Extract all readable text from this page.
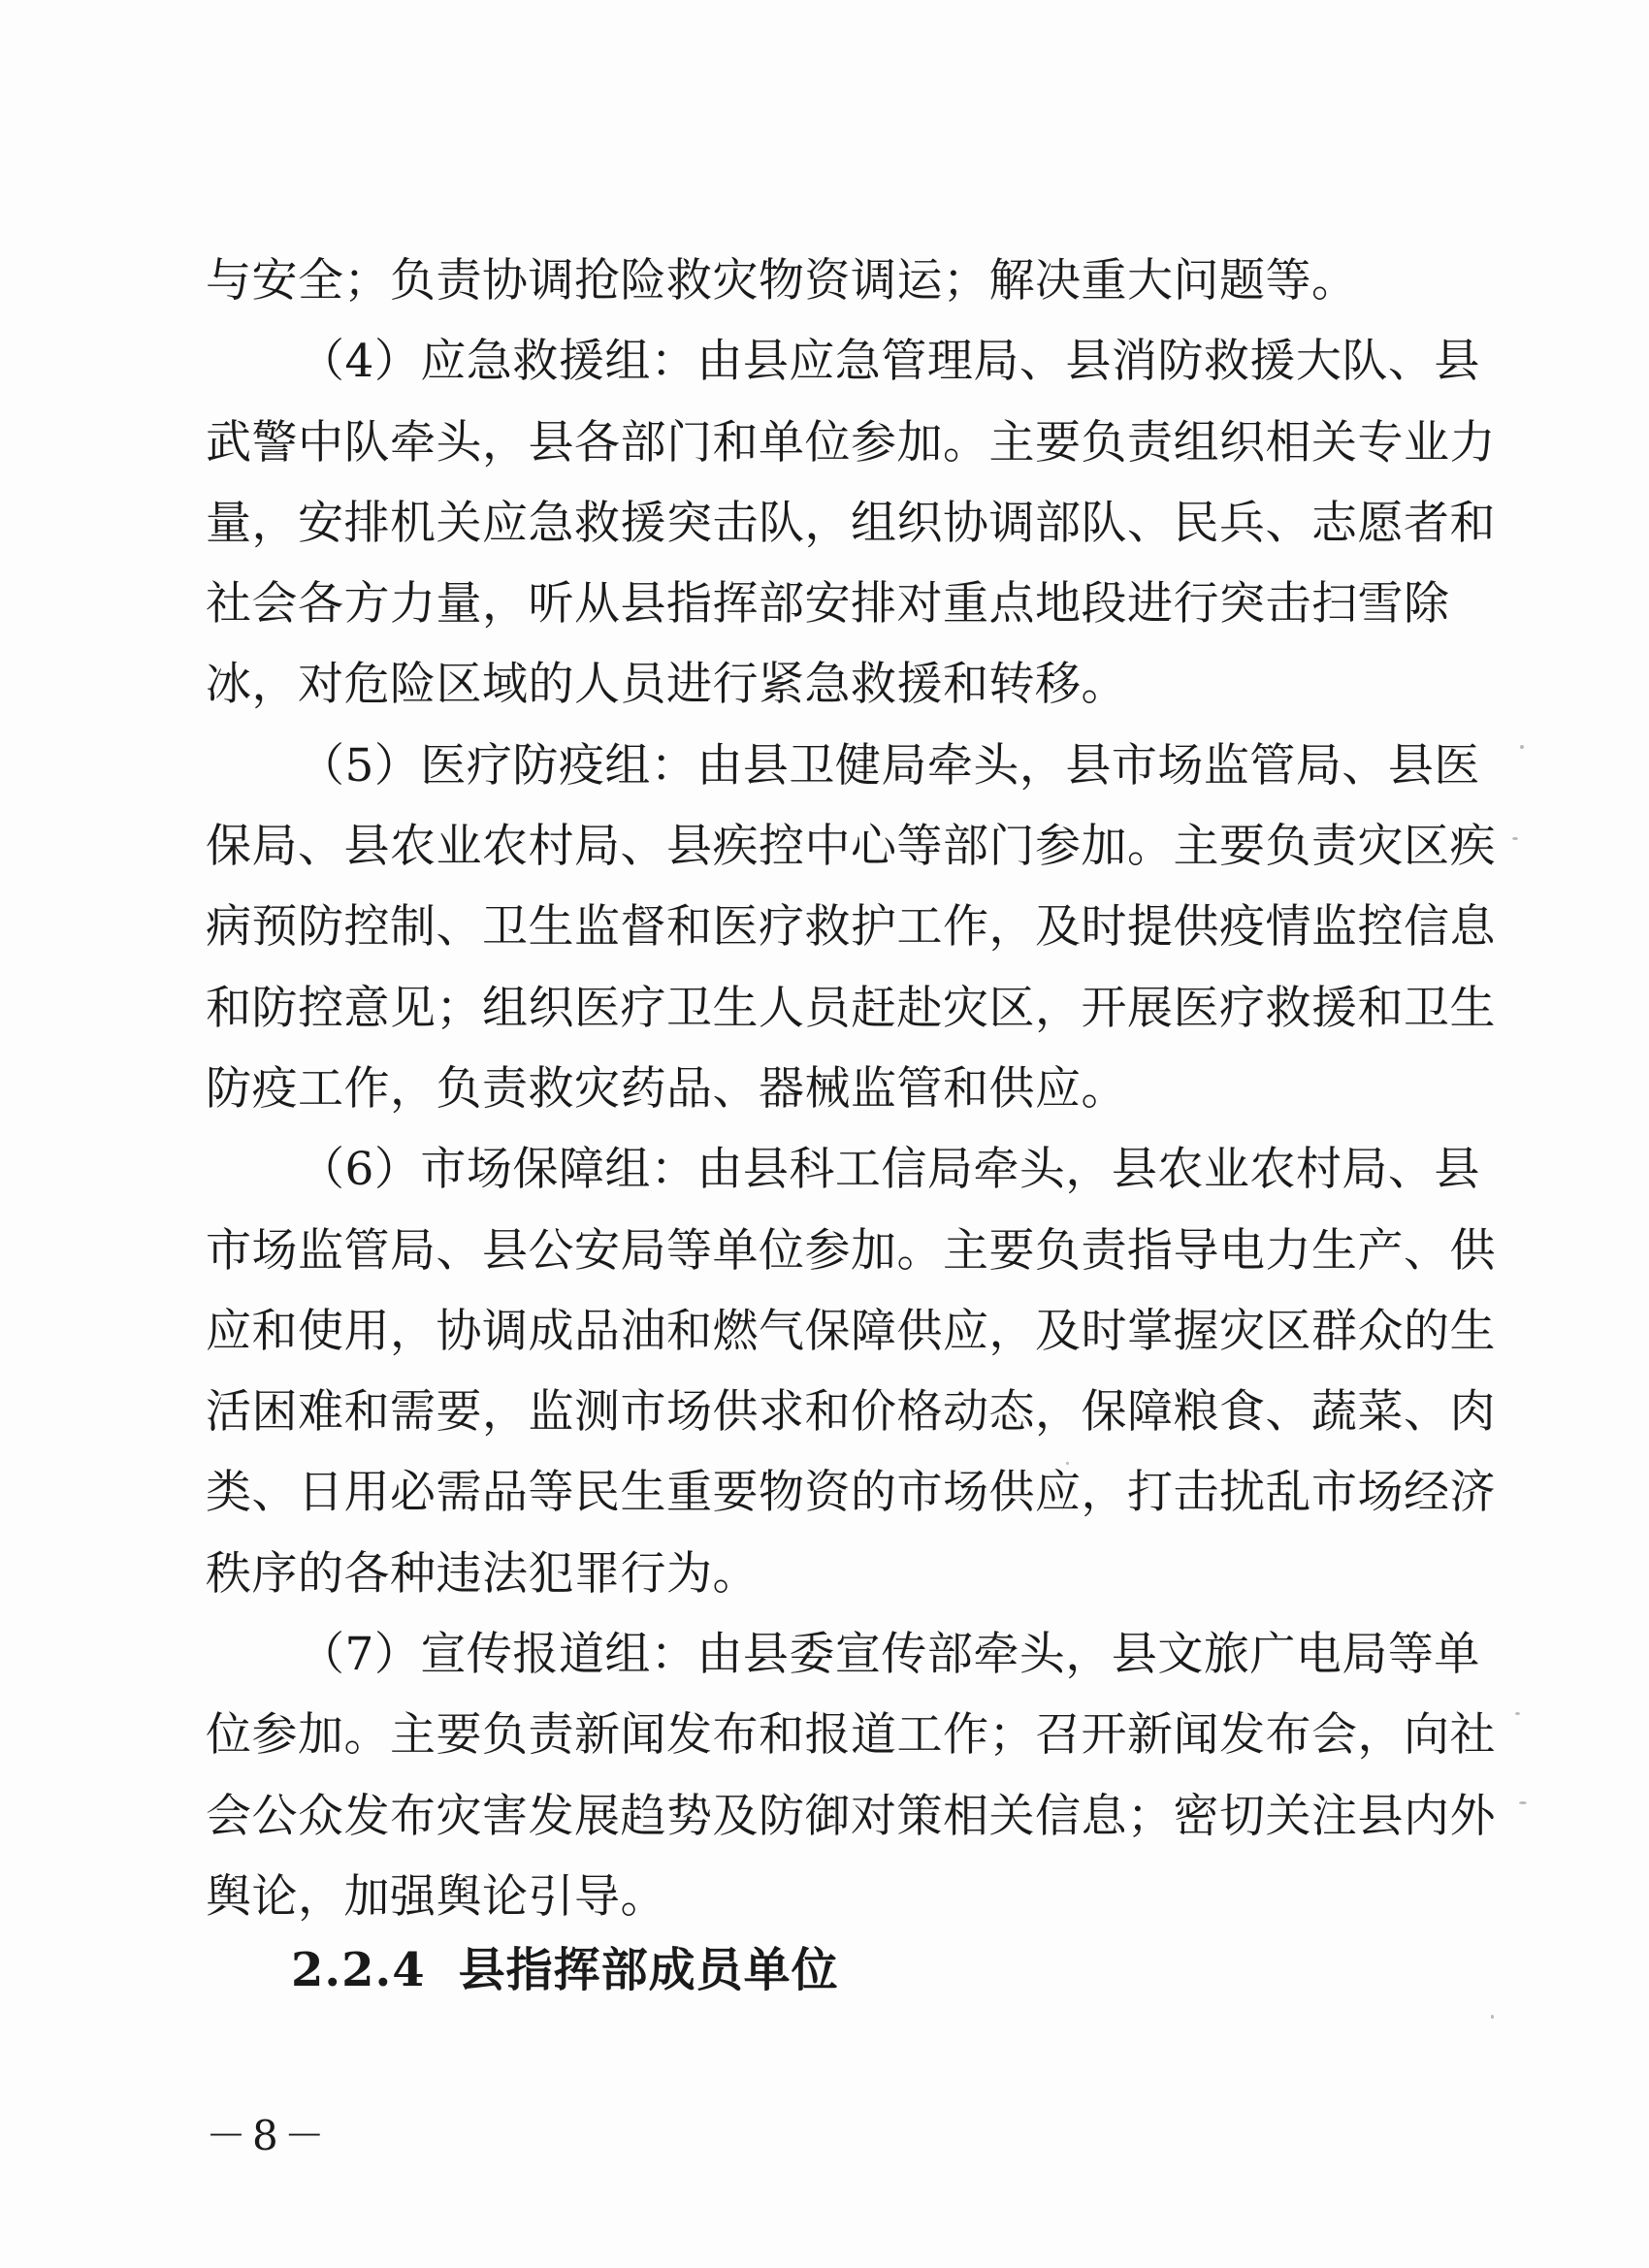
与安全；负责协调抢险救灾物资调运；解决重大问题等。
（4）应急救援组：由县应急管理局、县消防救援大队、县
武警中队牵头，县各部门和单位参加。主要负责组织相关专业力
量，安排机关应急救援突击队，组织协调部队、民兵、志愿者和
社会各方力量，听从县指挥部安排对重点地段进行突击扫雪除
冰，对危险区域的人员进行紧急救援和转移。
（5）医疗防疫组：由县卫健局牵头，县市场监管局、县医
保局、县农业农村局、县疾控中心等部门参加。主要负责灾区疾
病预防控制、卫生监督和医疗救护工作，及时提供疫情监控信息
和防控意见；组织医疗卫生人员赶赴灾区，开展医疗救援和卫生
防疫工作，负责救灾药品、器械监管和供应。
（6）市场保障组：由县科工信局牵头，县农业农村局、县
市场监管局、县公安局等单位参加。主要负责指导电力生产、供
应和使用，协调成品油和燃气保障供应，及时掌握灾区群众的生
活困难和需要，监测市场供求和价格动态，保障粮食、蔬菜、肉
类、日用必需品等民生重要物资的市场供应，打击扰乱市场经济
秩序的各种违法犯罪行为。
（7）宣传报道组：由县委宣传部牵头，县文旅广电局等单
位参加。主要负责新闻发布和报道工作；召开新闻发布会，向社
会公众发布灾害发展趋势及防御对策相关信息；密切关注县内外
舆论，加强舆论引导。
2.2.4 县指挥部成员单位
－8－
